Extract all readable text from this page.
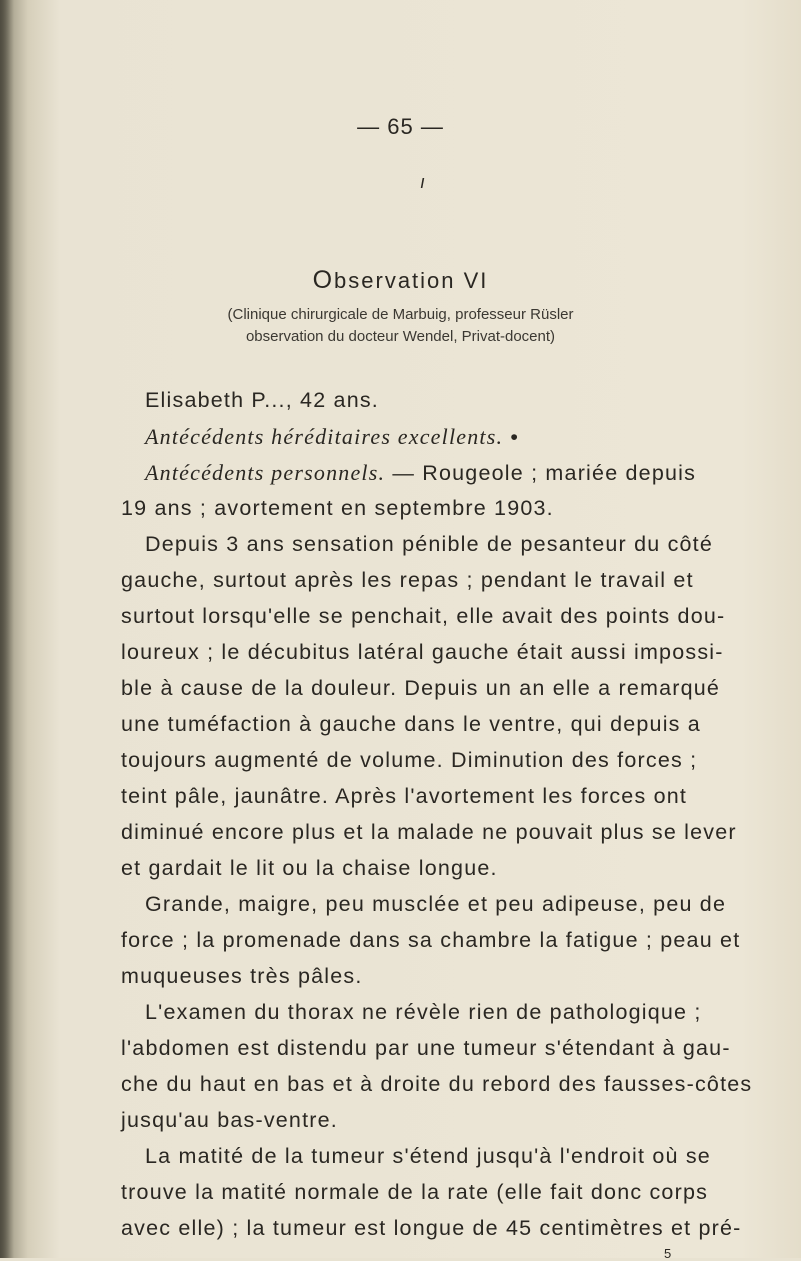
— 65 —
ı
Observation VI
(Clinique chirurgicale de Marbuig, professeur Rüsler
observation du docteur Wendel, Privat-docent)
Elisabeth P..., 42 ans.
Antécédents héréditaires excellents. •
Antécédents personnels. — Rougeole ; mariée depuis
19 ans ; avortement en septembre 1903.
Depuis 3 ans sensation pénible de pesanteur du côté
gauche, surtout après les repas ; pendant le travail et
surtout lorsqu'elle se penchait, elle avait des points dou-
loureux ; le décubitus latéral gauche était aussi impossi-
ble à cause de la douleur. Depuis un an elle a remarqué
une tuméfaction à gauche dans le ventre, qui depuis a
toujours augmenté de volume. Diminution des forces ;
teint pâle, jaunâtre. Après l'avortement les forces ont
diminué encore plus et la malade ne pouvait plus se lever
et gardait le lit ou la chaise longue.
Grande, maigre, peu musclée et peu adipeuse, peu de
force ; la promenade dans sa chambre la fatigue ; peau et
muqueuses très pâles.
L'examen du thorax ne révèle rien de pathologique ;
l'abdomen est distendu par une tumeur s'étendant à gau-
che du haut en bas et à droite du rebord des fausses-côtes
jusqu'au bas-ventre.
La matité de la tumeur s'étend jusqu'à l'endroit où se
trouve la matité normale de la rate (elle fait donc corps
avec elle) ; la tumeur est longue de 45 centimètres et pré-
5
